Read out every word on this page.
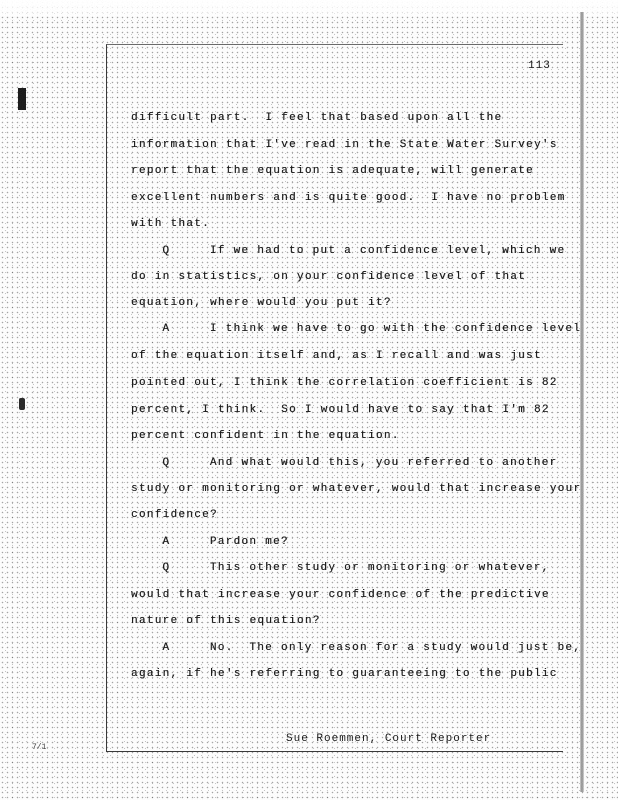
113
difficult part.  I feel that based upon all the
information that I've read in the State Water Survey's
report that the equation is adequate, will generate
excellent numbers and is quite good.  I have no problem
with that.
Q     If we had to put a confidence level, which we
do in statistics, on your confidence level of that
equation, where would you put it?
A     I think we have to go with the confidence level
of the equation itself and, as I recall and was just
pointed out, I think the correlation coefficient is 82
percent, I think.  So I would have to say that I'm 82
percent confident in the equation.
Q     And what would this, you referred to another
study or monitoring or whatever, would that increase your
confidence?
A     Pardon me?
Q     This other study or monitoring or whatever,
would that increase your confidence of the predictive
nature of this equation?
A     No.  The only reason for a study would just be,
again, if he's referring to guaranteeing to the public
Sue Roemmen, Court Reporter
7/1
